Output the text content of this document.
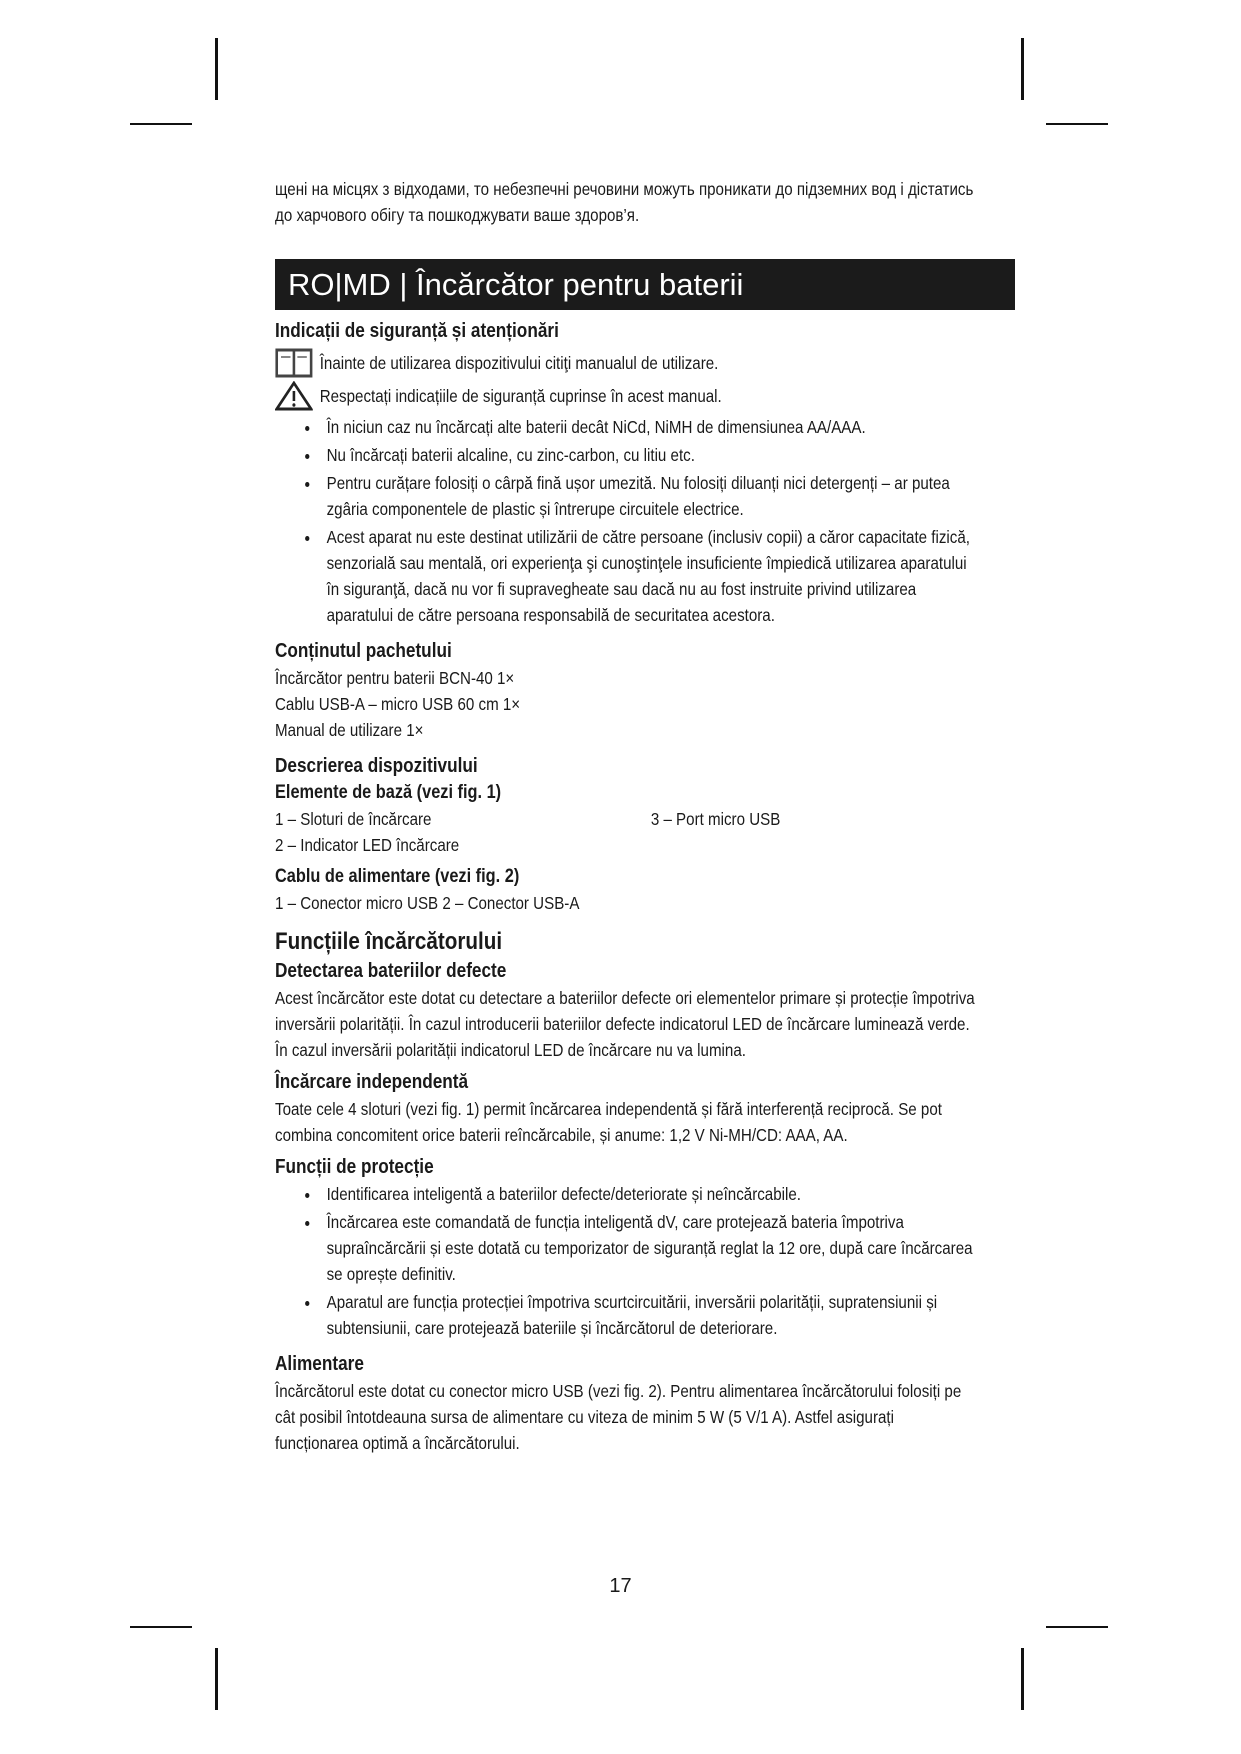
щені на місцях з відходами, то небезпечні речовини можуть проникати до підземних вод і дістатись до харчового обігу та пошкоджувати ваше здоров’я.

RO|MD | Încărcător pentru baterii
Indicații de siguranță și atenționări
Înainte de utilizarea dispozitivului citiţi manualul de utilizare.
Respectați indicațiile de siguranță cuprinse în acest manual.
• În niciun caz nu încărcați alte baterii decât NiCd, NiMH de dimensiunea AA/AAA.
• Nu încărcați baterii alcaline, cu zinc-carbon, cu litiu etc.
• Pentru curățare folosiți o cârpă fină ușor umezită. Nu folosiți diluanți nici detergenți – ar putea zgâria componentele de plastic și întrerupe circuitele electrice.
• Acest aparat nu este destinat utilizării de către persoane (inclusiv copii) a căror capacitate fizică, senzorială sau mentală, ori experienţa şi cunoştinţele insuficiente împiedică utilizarea aparatului în siguranţă, dacă nu vor fi supravegheate sau dacă nu au fost instruite privind utilizarea aparatului de către persoana responsabilă de securitatea acestora.
Conținutul pachetului

Încărcător pentru baterii BCN-40 1×

Cablu USB-A – micro USB 60 cm 1×

Manual de utilizare 1×

Descrierea dispozitivului
Elemente de bază (vezi fig. 1)
1 – Sloturi de încărcare	3 – Port micro USB

2 – Indicator LED încărcare

Cablu de alimentare (vezi fig. 2)

1 – Conector micro USB 2 – Conector USB-A

Funcțiile încărcătorului
Detectarea bateriilor defecte

Acest încărcător este dotat cu detectare a bateriilor defecte ori elementelor primare și protecție împotriva inversării polarității. În cazul introducerii bateriilor defecte indicatorul LED de încărcare luminează verde. În cazul inversării polarității indicatorul LED de încărcare nu va lumina.

Încărcare independentă

Toate cele 4 sloturi (vezi fig. 1) permit încărcarea independentă și fără interferență reciprocă. Se pot combina concomitent orice baterii reîncărcabile, și anume: 1,2 V Ni-MH/CD: AAA, AA.

Funcții de protecție
• Identificarea inteligentă a bateriilor defecte/deteriorate și neîncărcabile.
• Încărcarea este comandată de funcția inteligentă dV, care protejează bateria împotriva supraîncărcării și este dotată cu temporizator de siguranță reglat la 12 ore, după care încărcarea se oprește definitiv.
• Aparatul are funcția protecției împotriva scurtcircuitării, inversării polarității, supratensiunii și subtensiunii, care protejează bateriile și încărcătorul de deteriorare.
Alimentare

Încărcătorul este dotat cu conector micro USB (vezi fig. 2). Pentru alimentarea încărcătorului folosiți pe cât posibil întotdeauna sursa de alimentare cu viteza de minim 5 W (5 V/1 A). Astfel asigurați funcționarea optimă a încărcătorului.

17
